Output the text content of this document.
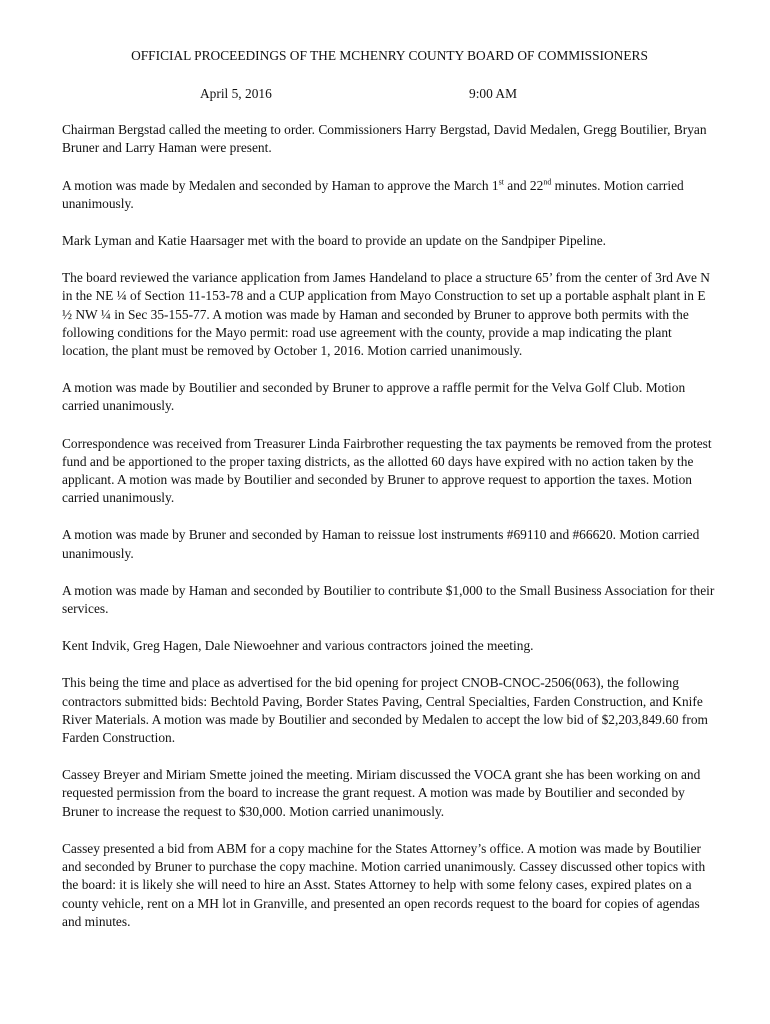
OFFICIAL PROCEEDINGS OF THE MCHENRY COUNTY BOARD OF COMMISSIONERS
April 5, 2016	9:00 AM

Chairman Bergstad called the meeting to order. Commissioners Harry Bergstad, David Medalen, Gregg Boutilier, Bryan Bruner and Larry Haman were present.

A motion was made by Medalen and seconded by Haman to approve the March 1st and 22nd minutes. Motion carried unanimously.

Mark Lyman and Katie Haarsager met with the board to provide an update on the Sandpiper Pipeline.

The board reviewed the variance application from James Handeland to place a structure 65’ from the center of 3rd Ave N in the NE ¼ of Section 11-153-78 and a CUP application from Mayo Construction to set up a portable asphalt plant in E ½ NW ¼ in Sec 35-155-77. A motion was made by Haman and seconded by Bruner to approve both permits with the following conditions for the Mayo permit: road use agreement with the county, provide a map indicating the plant location, the plant must be removed by October 1, 2016. Motion carried unanimously.

A motion was made by Boutilier and seconded by Bruner to approve a raffle permit for the Velva Golf Club. Motion carried unanimously.

Correspondence was received from Treasurer Linda Fairbrother requesting the tax payments be removed from the protest fund and be apportioned to the proper taxing districts, as the allotted 60 days have expired with no action taken by the applicant. A motion was made by Boutilier and seconded by Bruner to approve request to apportion the taxes. Motion carried unanimously.

A motion was made by Bruner and seconded by Haman to reissue lost instruments #69110 and #66620. Motion carried unanimously.

A motion was made by Haman and seconded by Boutilier to contribute $1,000 to the Small Business Association for their services.

Kent Indvik, Greg Hagen, Dale Niewoehner and various contractors joined the meeting.

This being the time and place as advertised for the bid opening for project CNOB-CNOC-2506(063), the following contractors submitted bids: Bechtold Paving, Border States Paving, Central Specialties, Farden Construction, and Knife River Materials. A motion was made by Boutilier and seconded by Medalen to accept the low bid of $2,203,849.60 from Farden Construction.

Cassey Breyer and Miriam Smette joined the meeting. Miriam discussed the VOCA grant she has been working on and requested permission from the board to increase the grant request. A motion was made by Boutilier and seconded by Bruner to increase the request to $30,000. Motion carried unanimously.

Cassey presented a bid from ABM for a copy machine for the States Attorney’s office. A motion was made by Boutilier and seconded by Bruner to purchase the copy machine. Motion carried unanimously. Cassey discussed other topics with the board: it is likely she will need to hire an Asst. States Attorney to help with some felony cases, expired plates on a county vehicle, rent on a MH lot in Granville, and presented an open records request to the board for copies of agendas and minutes.
